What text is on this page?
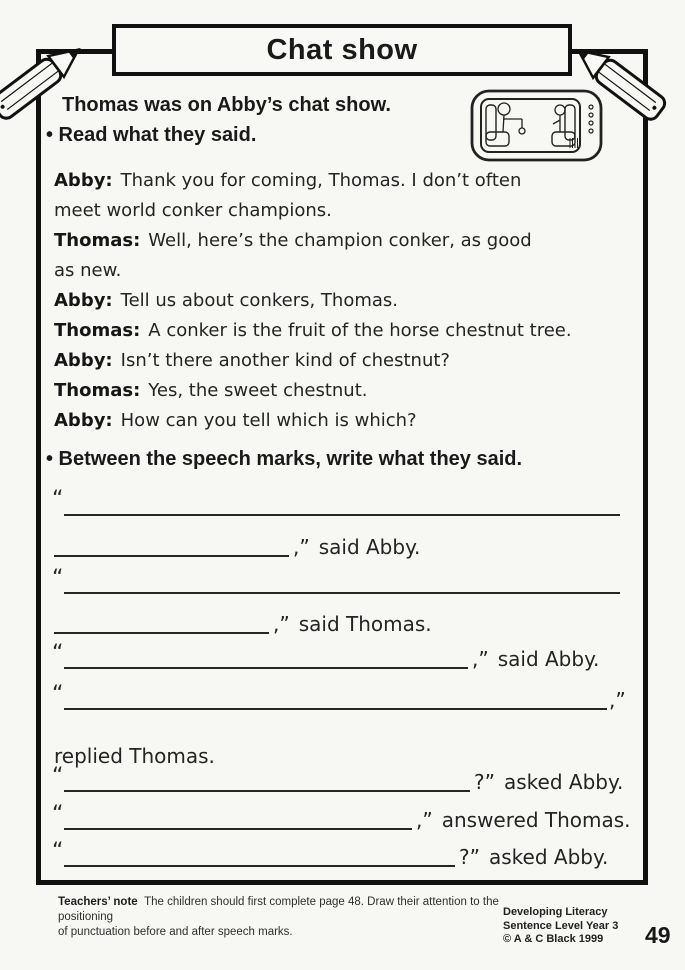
Chat show
Thomas was on Abby’s chat show.
• Read what they said.
Abby: Thank you for coming, Thomas. I don’t often
meet world conker champions.
Thomas: Well, here’s the champion conker, as good
as new.
Abby: Tell us about conkers, Thomas.
Thomas: A conker is the fruit of the horse chestnut tree.
Abby: Isn’t there another kind of chestnut?
Thomas: Yes, the sweet chestnut.
Abby: How can you tell which is which?
• Between the speech marks, write what they said.
“
,” said Abby.
“
,” said Thomas.
“	,” said Abby.
“	,”
replied Thomas.
“	?” asked Abby.
“	,” answered Thomas.
“	?” asked Abby.
Teachers’ note The children should first complete page 48. Draw their attention to the positioning
of punctuation before and after speech marks.
Developing Literacy
Sentence Level Year 3
© A & C Black 1999	49
